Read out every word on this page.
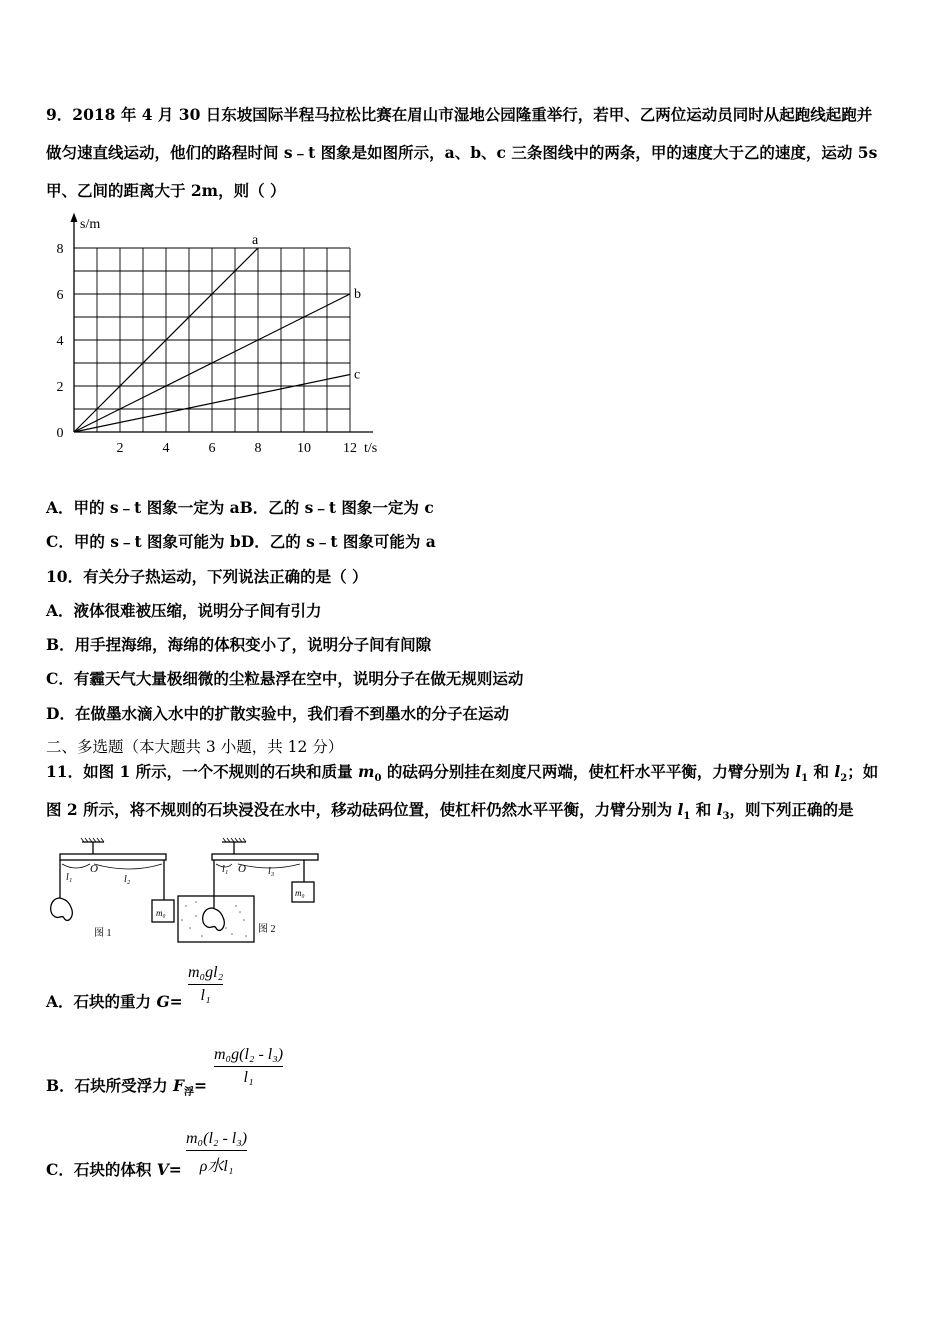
9．2018 年 4 月 30 日东坡国际半程马拉松比赛在眉山市湿地公园隆重举行，若甲、乙两位运动员同时从起跑线起跑并
做匀速直线运动，他们的路程时间 s﹣t 图象是如图所示，a、b、c 三条图线中的两条，甲的速度大于乙的速度，运动 5s
甲、乙间的距离大于 2m，则（ ）
2	4	6	8	10 12
2
4
6
8
0
s/m
t/s
a
b
c
A．甲的 s﹣t 图象一定为 aB．乙的 s﹣t 图象一定为 c
C．甲的 s﹣t 图象可能为 bD．乙的 s﹣t 图象可能为 a
10．有关分子热运动，下列说法正确的是（ ）
A．液体很难被压缩，说明分子间有引力
B．用手捏海绵，海绵的体积变小了，说明分子间有间隙
C．有霾天气大量极细微的尘粒悬浮在空中，说明分子在做无规则运动
D．在做墨水滴入水中的扩散实验中，我们看不到墨水的分子在运动
二、多选题（本大题共 3 小题，共 12 分）
11．如图 1 所示，一个不规则的石块和质量 $m_0$ 的砝码分别挂在刻度尺两端，使杠杆水平平衡，力臂分别为 $l_1$ 和 $l_2$；如
图 2 所示，将不规则的石块浸没在水中，移动砝码位置，使杠杆仍然水平平衡，力臂分别为 $l_1$ 和 $l_3$，则下列正确的是
l₁
O
l₂
m₀
图 1
l₁ O l₃
m₀
图 2
A．石块的重力 G=
m₀gl₂
l₁
B．石块所受浮力 $F_浮=$
m₀g(l₂ - l₃)
l₁
C．石块的体积 V=
m₀(l₂ - l₃)
ρ水l₁
